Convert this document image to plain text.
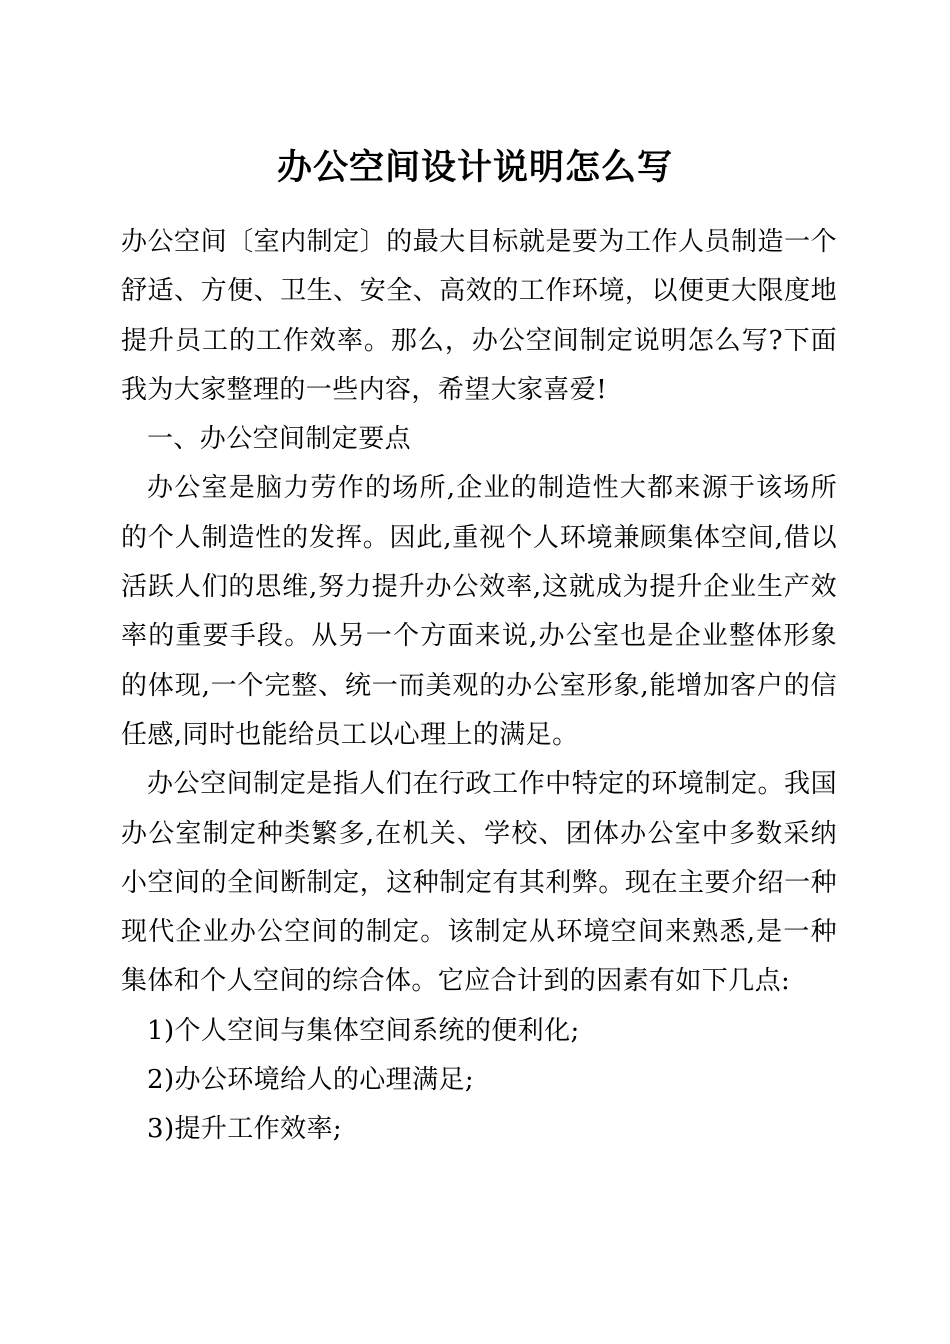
办公空间设计说明怎么写

办公空间〔室内制定〕的最大目标就是要为工作人员制造一个舒适、方便、卫生、安全、高效的工作环境，以便更大限度地提升员工的工作效率。那么，办公空间制定说明怎么写?下面我为大家整理的一些内容，希望大家喜爱!

一、办公空间制定要点

办公室是脑力劳作的场所,企业的制造性大都来源于该场所的个人制造性的发挥。因此,重视个人环境兼顾集体空间,借以活跃人们的思维,努力提升办公效率,这就成为提升企业生产效率的重要手段。从另一个方面来说,办公室也是企业整体形象的体现,一个完整、统一而美观的办公室形象,能增加客户的信任感,同时也能给员工以心理上的满足。

办公空间制定是指人们在行政工作中特定的环境制定。我国办公室制定种类繁多,在机关、学校、团体办公室中多数采纳小空间的全间断制定，这种制定有其利弊。现在主要介绍一种现代企业办公空间的制定。该制定从环境空间来熟悉,是一种集体和个人空间的综合体。它应合计到的因素有如下几点:

1)个人空间与集体空间系统的便利化;

2)办公环境给人的心理满足;

3)提升工作效率;
